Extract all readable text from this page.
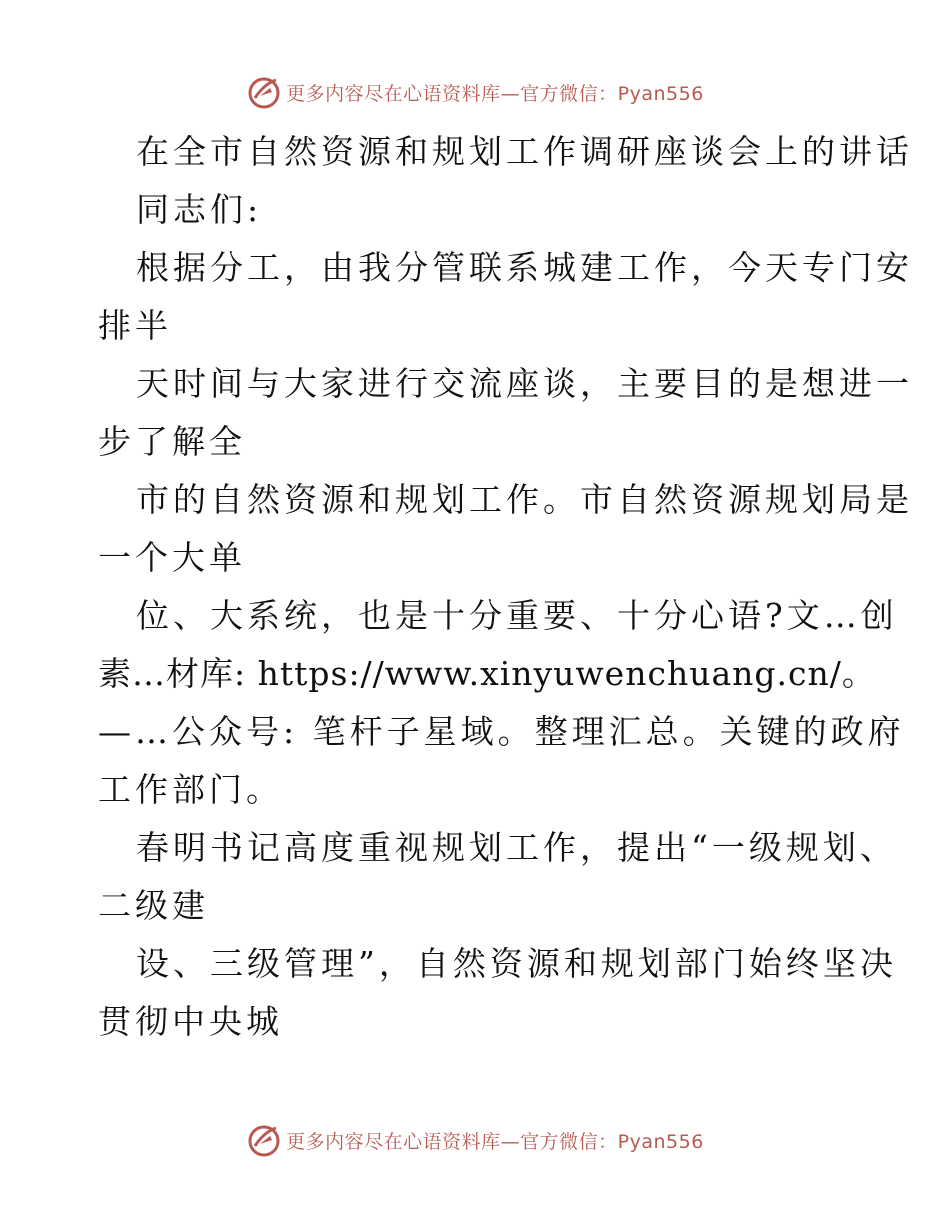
更多内容尽在心语资料库—官方微信：Pyan556
在全市自然资源和规划工作调研座谈会上的讲话
同志们:
根据分工，由我分管联系城建工作，今天专门安
排半
天时间与大家进行交流座谈，主要目的是想进一
步了解全
市的自然资源和规划工作。市自然资源规划局是
一个大单
位、大系统，也是十分重要、十分心语?文…创
素…材库: https://www.xinyuwenchuang.cn/。
—…公众号: 笔杆子星域。整理汇总。关键的政府
工作部门。
春明书记高度重视规划工作，提出“一级规划、
二级建
设、三级管理”，自然资源和规划部门始终坚决
贯彻中央城
更多内容尽在心语资料库—官方微信：Pyan556
